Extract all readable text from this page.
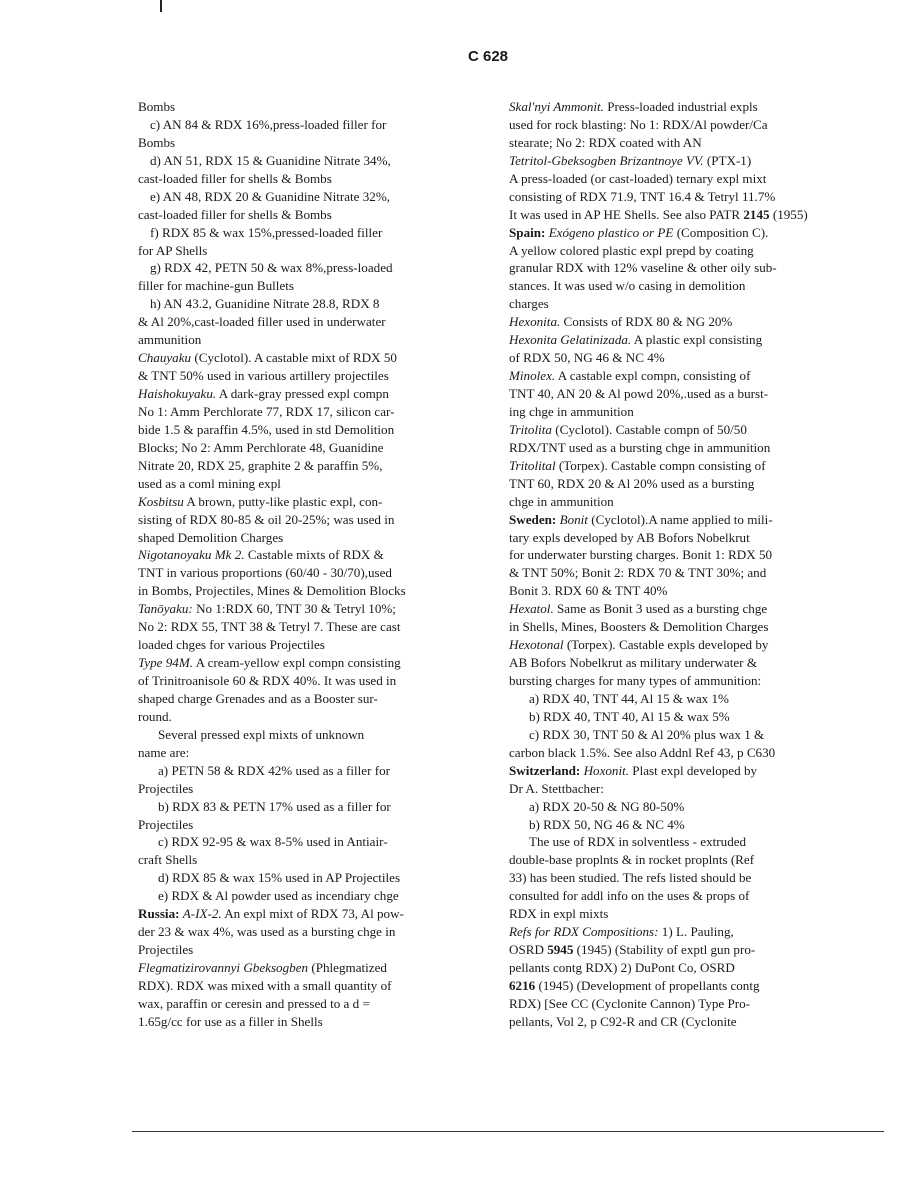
C 628
Bombs
c) AN 84 & RDX 16%,press-loaded filler for
Bombs
d) AN 51, RDX 15 & Guanidine Nitrate 34%,
cast-loaded filler for shells & Bombs
e) AN 48, RDX 20 & Guanidine Nitrate 32%,
cast-loaded filler for shells & Bombs
f) RDX 85 & wax 15%,pressed-loaded filler
for AP Shells
g) RDX 42, PETN 50 & wax 8%,press-loaded
filler for machine-gun Bullets
h) AN 43.2, Guanidine Nitrate 28.8, RDX 8
& Al 20%,cast-loaded filler used in underwater
ammunition
Chauyaku (Cyclotol). A castable mixt of RDX 50
& TNT 50% used in various artillery projectiles
Haishokuyaku. A dark-gray pressed expl compn
No 1: Amm Perchlorate 77, RDX 17, silicon car-
bide 1.5 & paraffin 4.5%, used in std Demolition
Blocks; No 2: Amm Perchlorate 48, Guanidine
Nitrate 20, RDX 25, graphite 2 & paraffin 5%,
used as a coml mining expl
Kosbitsu A brown, putty-like plastic expl, con-
sisting of RDX 80-85 & oil 20-25%; was used in
shaped Demolition Charges
Nigotanoyaku Mk 2. Castable mixts of RDX &
TNT in various proportions (60/40 - 30/70),used
in Bombs, Projectiles, Mines & Demolition Blocks
Tanōyaku: No 1:RDX 60, TNT 30 & Tetryl 10%;
No 2: RDX 55, TNT 38 & Tetryl 7. These are cast
loaded chges for various Projectiles
Type 94M. A cream-yellow expl compn consisting
of Trinitroanisole 60 & RDX 40%. It was used in
shaped charge Grenades and as a Booster sur-
round.
Several pressed expl mixts of unknown
name are:
a) PETN 58 & RDX 42% used as a filler for
Projectiles
b) RDX 83 & PETN 17% used as a filler for
Projectiles
c) RDX 92-95 & wax 8-5% used in Antiair-
craft Shells
d) RDX 85 & wax 15% used in AP Projectiles
e) RDX & Al powder used as incendiary chge
Russia: A-IX-2. An expl mixt of RDX 73, Al pow-
der 23 & wax 4%, was used as a bursting chge in
Projectiles
Flegmatizirovannyi Gbeksogben (Phlegmatized
RDX). RDX was mixed with a small quantity of
wax, paraffin or ceresin and pressed to a d =
1.65g/cc for use as a filler in Shells
Skal'nyi Ammonit. Press-loaded industrial expls
used for rock blasting: No 1: RDX/Al powder/Ca
stearate; No 2: RDX coated with AN
Tetritol-Gbeksogben Brizantnoye VV. (PTX-1)
A press-loaded (or cast-loaded) ternary expl mixt
consisting of RDX 71.9, TNT 16.4 & Tetryl 11.7%
It was used in AP HE Shells. See also PATR 2145 (1955)
Spain: Exógeno plastico or PE (Composition C).
A yellow colored plastic expl prepd by coating
granular RDX with 12% vaseline & other oily sub-
stances. It was used w/o casing in demolition
charges
Hexonita. Consists of RDX 80 & NG 20%
Hexonita Gelatinizada. A plastic expl consisting
of RDX 50, NG 46 & NC 4%
Minolex. A castable expl compn, consisting of
TNT 40, AN 20 & Al powd 20%,.used as a burst-
ing chge in ammunition
Tritolita (Cyclotol). Castable compn of 50/50
RDX/TNT used as a bursting chge in ammunition
Tritolital (Torpex). Castable compn consisting of
TNT 60, RDX 20 & Al 20% used as a bursting
chge in ammunition
Sweden: Bonit (Cyclotol).A name applied to mili-
tary expls developed by AB Bofors Nobelkrut
for underwater bursting charges. Bonit 1: RDX 50
& TNT 50%; Bonit 2: RDX 70 & TNT 30%; and
Bonit 3. RDX 60 & TNT 40%
Hexatol. Same as Bonit 3 used as a bursting chge
in Shells, Mines, Boosters & Demolition Charges
Hexotonal (Torpex). Castable expls developed by
AB Bofors Nobelkrut as military underwater &
bursting charges for many types of ammunition:
a) RDX 40, TNT 44, Al 15 & wax 1%
b) RDX 40, TNT 40, Al 15 & wax 5%
c) RDX 30, TNT 50 & Al 20% plus wax 1 &
carbon black 1.5%. See also Addnl Ref 43, p C630
Switzerland: Hoxonit. Plast expl developed by
Dr A. Stettbacher:
a) RDX 20-50 & NG 80-50%
b) RDX 50, NG 46 & NC 4%
The use of RDX in solventless - extruded
double-base proplnts & in rocket proplnts (Ref
33) has been studied. The refs listed should be
consulted for addl info on the uses & props of
RDX in expl mixts
Refs for RDX Compositions: 1) L. Pauling,
OSRD 5945 (1945) (Stability of exptl gun pro-
pellants contg RDX) 2) DuPont Co, OSRD
6216 (1945) (Development of propellants contg
RDX) [See CC (Cyclonite Cannon) Type Pro-
pellants, Vol 2, p C92-R and CR (Cyclonite
